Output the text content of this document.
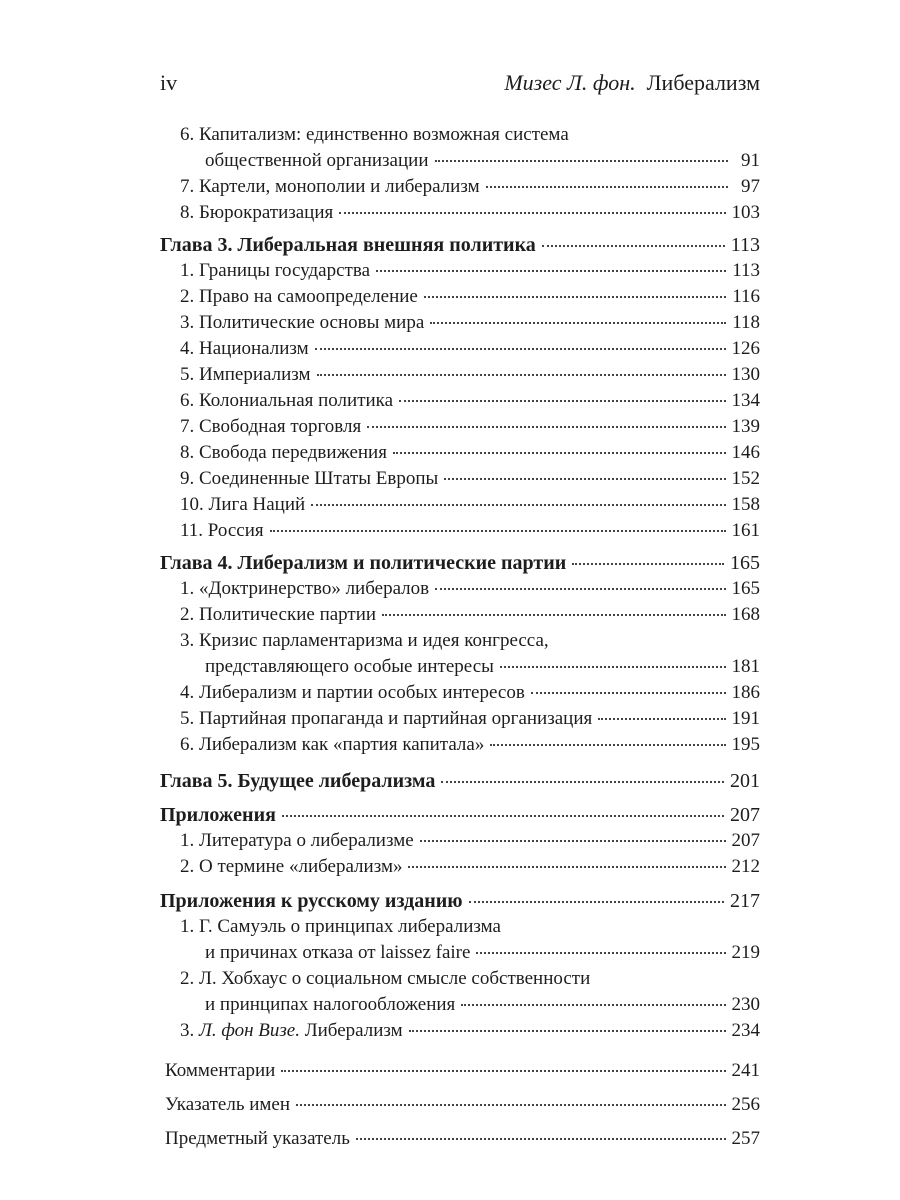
iv	Мизес Л. фон. Либерализм
6. Капитализм: единственно возможная система
общественной организации	91
7. Картели, монополии и либерализм	97
8. Бюрократизация	103
Глава 3. Либеральная внешняя политика	113
1. Границы государства	113
2. Право на самоопределение	116
3. Политические основы мира	118
4. Национализм	126
5. Империализм	130
6. Колониальная политика	134
7. Свободная торговля	139
8. Свобода передвижения	146
9. Соединенные Штаты Европы	152
10. Лига Наций	158
11. Россия	161
Глава 4. Либерализм и политические партии	165
1. «Доктринерство» либералов	165
2. Политические партии	168
3. Кризис парламентаризма и идея конгресса,
представляющего особые интересы	181
4. Либерализм и партии особых интересов	186
5. Партийная пропаганда и партийная организация	191
6. Либерализм как «партия капитала»	195
Глава 5. Будущее либерализма	201
Приложения	207
1. Литература о либерализме	207
2. О термине «либерализм»	212
Приложения к русскому изданию	217
1. Г. Самуэль о принципах либерализма
и причинах отказа от laissez faire	219
2. Л. Хобхаус о социальном смысле собственности
и принципах налогообложения	230
3. Л. фон Визе. Либерализм	234
Комментарии	241
Указатель имен	256
Предметный указатель	257
